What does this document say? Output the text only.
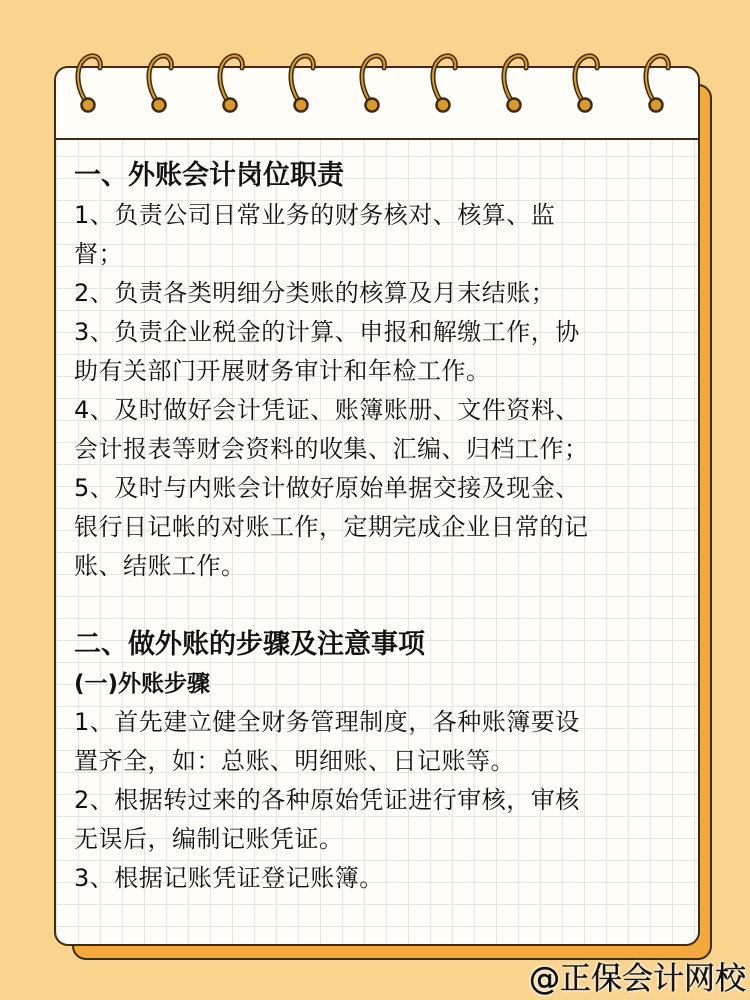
一、外账会计岗位职责

1、负责公司日常业务的财务核对、核算、监

督；

2、负责各类明细分类账的核算及月末结账；

3、负责企业税金的计算、申报和解缴工作，协

助有关部门开展财务审计和年检工作。

4、及时做好会计凭证、账簿账册、文件资料、

会计报表等财会资料的收集、汇编、归档工作；

5、及时与内账会计做好原始单据交接及现金、

银行日记帐的对账工作，定期完成企业日常的记

账、结账工作。

二、做外账的步骤及注意事项

(一)外账步骤

1、首先建立健全财务管理制度，各种账簿要设

置齐全，如：总账、明细账、日记账等。

2、根据转过来的各种原始凭证进行审核，审核

无误后，编制记账凭证。

3、根据记账凭证登记账簿。

@正保会计网校
